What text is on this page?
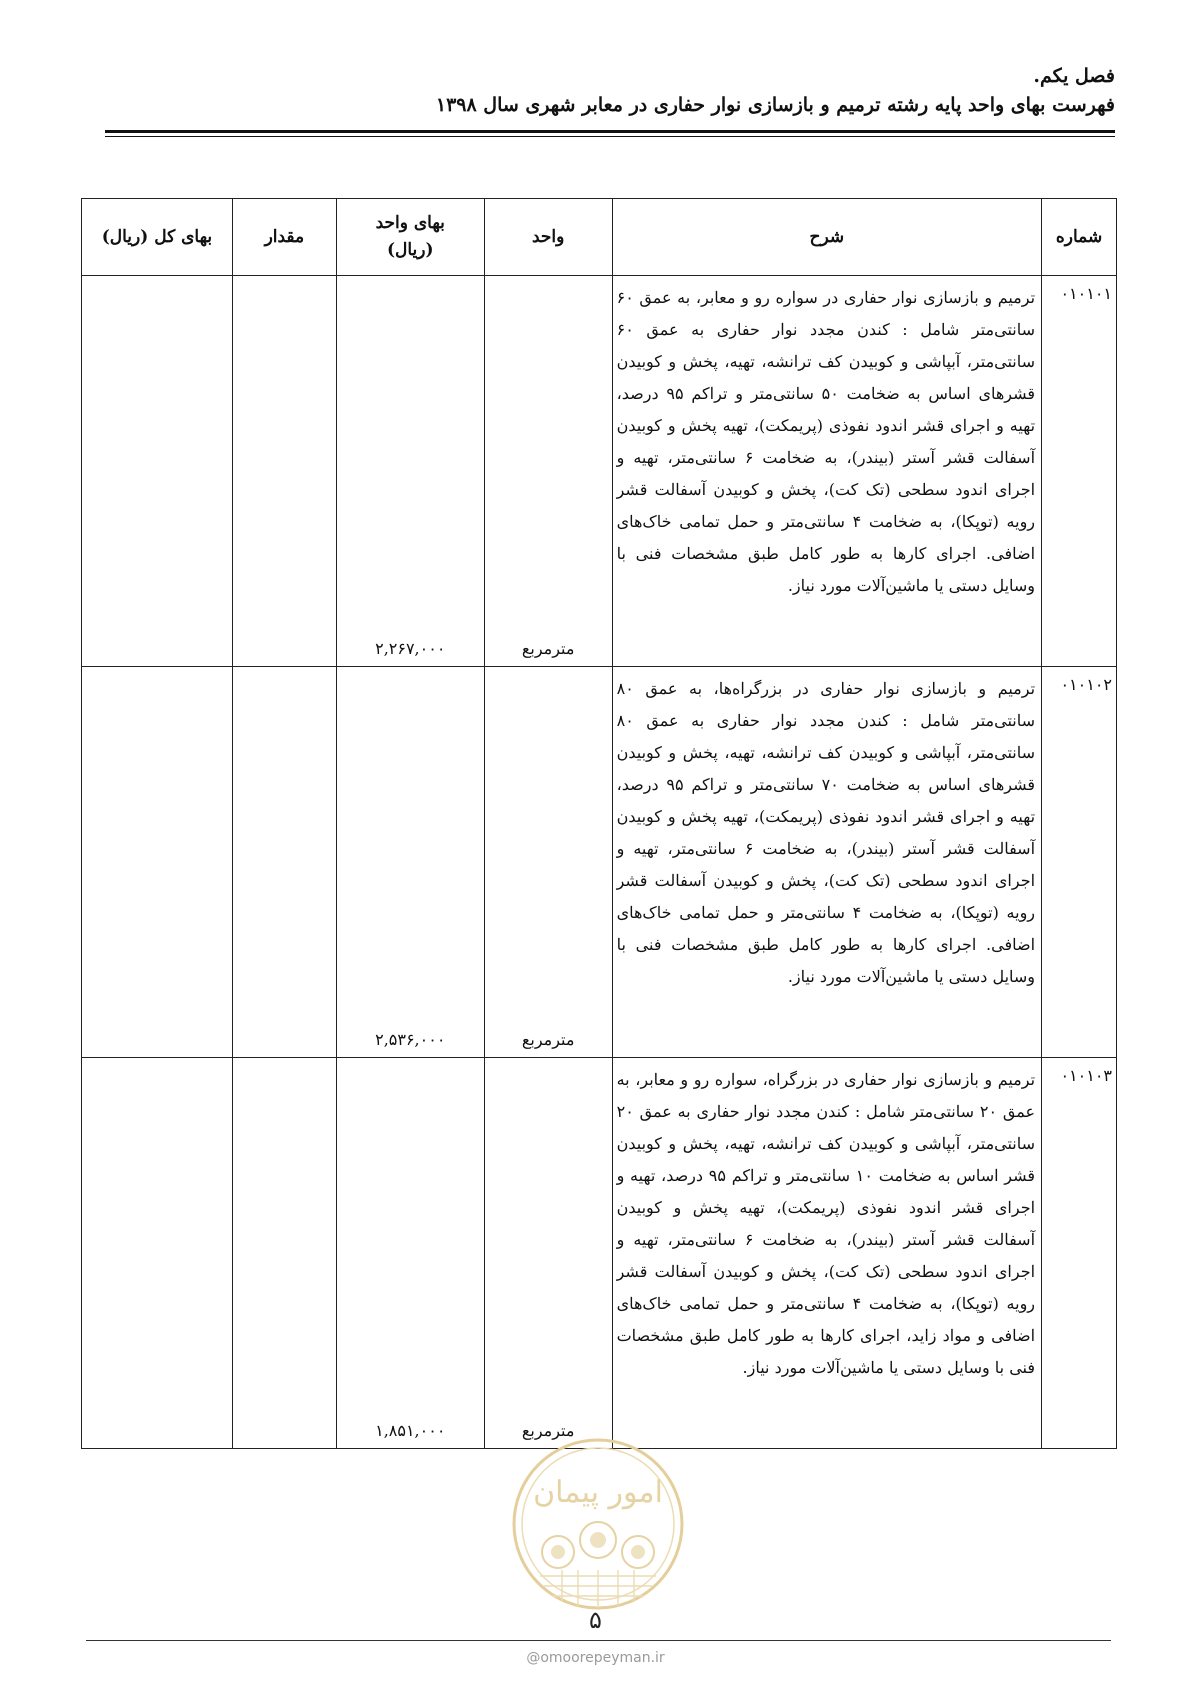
فصل یکم.
فهرست بهای واحد پایه رشته ترمیم و بازسازی نوار حفاری در معابر شهری سال ۱۳۹۸
شماره	شرح	واحد	بهای واحد
(ریال)	مقدار	بهای کل (ریال)
۰۱۰۱۰۱	ترمیم و بازسازی نوار حفاری در سواره رو و معابر، به عمق ۶۰ سانتی‌متر شامل : کندن مجدد نوار حفاری به عمق ۶۰ سانتی‌متر، آبپاشی و کوبیدن کف ترانشه، تهیه، پخش و کوبیدن قشرهای اساس به ضخامت ۵۰ سانتی‌متر و تراکم ۹۵ درصد، تهیه و اجرای قشر اندود نفوذی (پریمکت)، تهیه پخش و کوبیدن آسفالت قشر آستر (بیندر)، به ضخامت ۶ سانتی‌متر، تهیه و اجرای اندود سطحی (تک کت)، پخش و کوبیدن آسفالت قشر رویه (توپکا)، به ضخامت ۴ سانتی‌متر و حمل تمامی خاک‌های اضافی. اجرای کارها به طور کامل طبق مشخصات فنی با وسایل دستی یا ماشین‌آلات مورد نیاز.	مترمربع	۲,۲۶۷,۰۰۰		
۰۱۰۱۰۲	ترمیم و بازسازی نوار حفاری در بزرگراه‌ها، به عمق ۸۰ سانتی‌متر شامل : کندن مجدد نوار حفاری به عمق ۸۰ سانتی‌متر، آبپاشی و کوبیدن کف ترانشه، تهیه، پخش و کوبیدن قشرهای اساس به ضخامت ۷۰ سانتی‌متر و تراکم ۹۵ درصد، تهیه و اجرای قشر اندود نفوذی (پریمکت)، تهیه پخش و کوبیدن آسفالت قشر آستر (بیندر)، به ضخامت ۶ سانتی‌متر، تهیه و اجرای اندود سطحی (تک کت)، پخش و کوبیدن آسفالت قشر رویه (توپکا)، به ضخامت ۴ سانتی‌متر و حمل تمامی خاک‌های اضافی. اجرای کارها به طور کامل طبق مشخصات فنی با وسایل دستی یا ماشین‌آلات مورد نیاز.	مترمربع	۲,۵۳۶,۰۰۰		
۰۱۰۱۰۳	ترمیم و بازسازی نوار حفاری در بزرگراه، سواره رو و معابر، به عمق ۲۰ سانتی‌متر شامل : کندن مجدد نوار حفاری به عمق ۲۰ سانتی‌متر، آبپاشی و کوبیدن کف ترانشه، تهیه، پخش و کوبیدن قشر اساس به ضخامت ۱۰ سانتی‌متر و تراکم ۹۵ درصد، تهیه و اجرای قشر اندود نفوذی (پریمکت)، تهیه پخش و کوبیدن آسفالت قشر آستر (بیندر)، به ضخامت ۶ سانتی‌متر، تهیه و اجرای اندود سطحی (تک کت)، پخش و کوبیدن آسفالت قشر رویه (توپکا)، به ضخامت ۴ سانتی‌متر و حمل تمامی خاک‌های اضافی و مواد زاید، اجرای کارها به طور کامل طبق مشخصات فنی با وسایل دستی یا ماشین‌آلات مورد نیاز.	مترمربع	۱,۸۵۱,۰۰۰		
امور پیمان
۵
@omoorepeyman.ir
